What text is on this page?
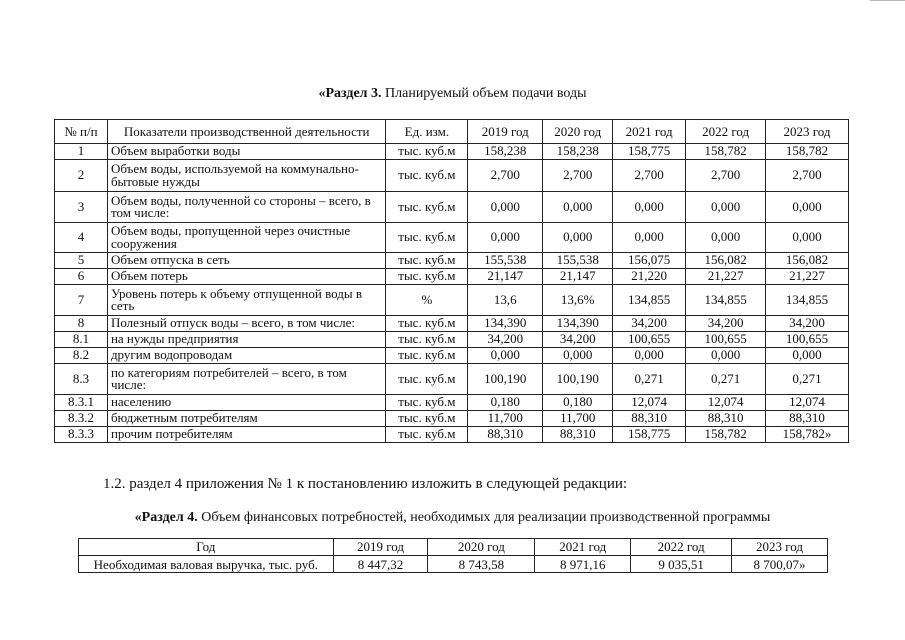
«Раздел 3. Планируемый объем подачи воды
№ п/п	Показатели производственной деятельности	Ед. изм.	2019 год	2020 год	2021 год	2022 год	2023 год
1	Объем выработки воды	тыс. куб.м	158,238	158,238	158,775	158,782	158,782
2	Объем воды, используемой на коммунально-бытовые нужды	тыс. куб.м	2,700	2,700	2,700	2,700	2,700
3	Объем воды, полученной со стороны – всего, в том числе:	тыс. куб.м	0,000	0,000	0,000	0,000	0,000
4	Объем воды, пропущенной через очистные сооружения	тыс. куб.м	0,000	0,000	0,000	0,000	0,000
5	Объем отпуска в сеть	тыс. куб.м	155,538	155,538	156,075	156,082	156,082
6	Объем потерь	тыс. куб.м	21,147	21,147	21,220	21,227	21,227
7	Уровень потерь к объему отпущенной воды в сеть	%	13,6	13,6%	134,855	134,855	134,855
8	Полезный отпуск воды – всего, в том числе:	тыс. куб.м	134,390	134,390	34,200	34,200	34,200
8.1	на нужды предприятия	тыс. куб.м	34,200	34,200	100,655	100,655	100,655
8.2	другим водопроводам	тыс. куб.м	0,000	0,000	0,000	0,000	0,000
8.3	по категориям потребителей – всего, в том числе:	тыс. куб.м	100,190	100,190	0,271	0,271	0,271
8.3.1	населению	тыс. куб.м	0,180	0,180	12,074	12,074	12,074
8.3.2	бюджетным потребителям	тыс. куб.м	11,700	11,700	88,310	88,310	88,310
8.3.3	прочим потребителям	тыс. куб.м	88,310	88,310	158,775	158,782	158,782»
1.2. раздел 4 приложения № 1 к постановлению изложить в следующей редакции:
«Раздел 4. Объем финансовых потребностей, необходимых для реализации производственной программы
Год	2019 год	2020 год	2021 год	2022 год	2023 год
Необходимая валовая выручка, тыс. руб.	8 447,32	8 743,58	8 971,16	9 035,51	8 700,07»
